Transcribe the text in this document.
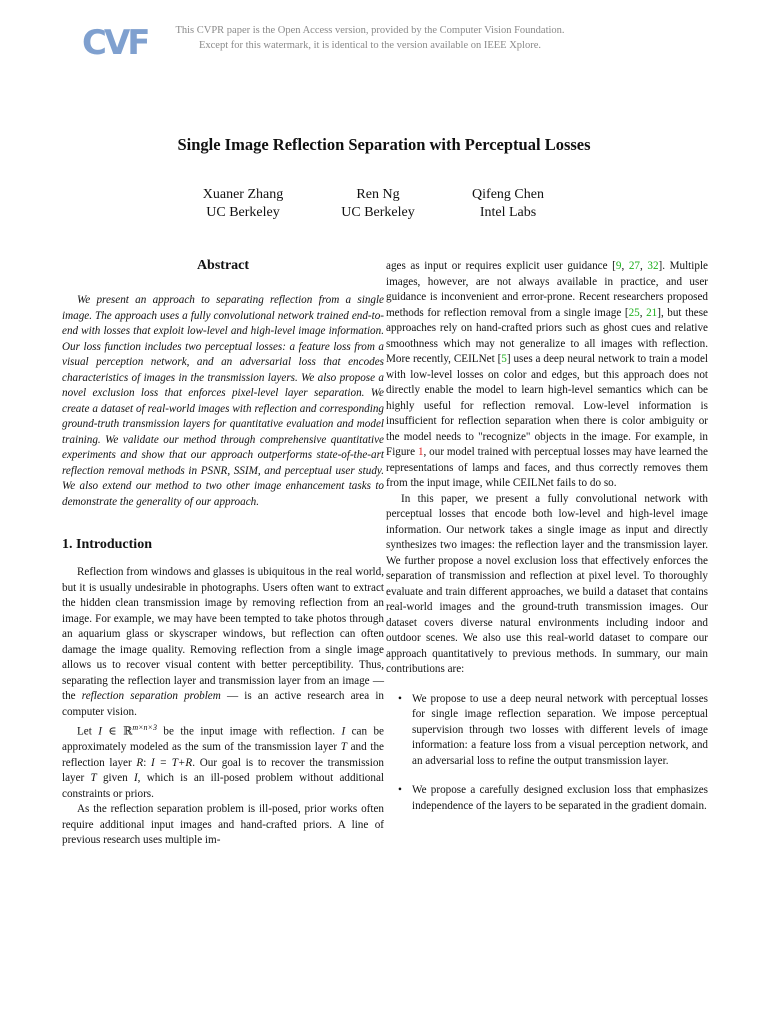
CVF	This CVPR paper is the Open Access version, provided by the Computer Vision Foundation.
Except for this watermark, it is identical to the version available on IEEE Xplore.
Single Image Reflection Separation with Perceptual Losses
Xuaner Zhang
UC Berkeley
Ren Ng
UC Berkeley
Qifeng Chen
Intel Labs
Abstract

We present an approach to separating reflection from a single image. The approach uses a fully convolutional network trained end-to-end with losses that exploit low-level and high-level image information. Our loss function includes two perceptual losses: a feature loss from a visual perception network, and an adversarial loss that encodes characteristics of images in the transmission layers. We also propose a novel exclusion loss that enforces pixel-level layer separation. We create a dataset of real-world images with reflection and corresponding ground-truth transmission layers for quantitative evaluation and model training. We validate our method through comprehensive quantitative experiments and show that our approach outperforms state-of-the-art reflection removal methods in PSNR, SSIM, and perceptual user study. We also extend our method to two other image enhancement tasks to demonstrate the generality of our approach.

1. Introduction

Reflection from windows and glasses is ubiquitous in the real world, but it is usually undesirable in photographs. Users often want to extract the hidden clean transmission image by removing reflection from an image. For example, we may have been tempted to take photos through an aquarium glass or skyscraper windows, but reflection can often damage the image quality. Removing reflection from a single image allows us to recover visual content with better perceptibility. Thus, separating the reflection layer and transmission layer from an image — the reflection separation problem — is an active research area in computer vision.

Let I ∈ ℝ$^{m\times n\times 3}$ be the input image with reflection. I can be approximately modeled as the sum of the transmission layer T and the reflection layer R: I = T+R. Our goal is to recover the transmission layer T given I, which is an ill-posed problem without additional constraints or priors.

As the reflection separation problem is ill-posed, prior works often require additional input images and hand-crafted priors. A line of previous research uses multiple im-

ages as input or requires explicit user guidance [9, 27, 32]. Multiple images, however, are not always available in practice, and user guidance is inconvenient and error-prone. Recent researchers proposed methods for reflection removal from a single image [25, 21], but these approaches rely on hand-crafted priors such as ghost cues and relative smoothness which may not generalize to all images with reflection. More recently, CEILNet [5] uses a deep neural network to train a model with low-level losses on color and edges, but this approach does not directly enable the model to learn high-level semantics which can be highly useful for reflection removal. Low-level information is insufficient for reflection separation when there is color ambiguity or the model needs to "recognize" objects in the image. For example, in Figure 1, our model trained with perceptual losses may have learned the representations of lamps and faces, and thus correctly removes them from the input image, while CEILNet fails to do so.

In this paper, we present a fully convolutional network with perceptual losses that encode both low-level and high-level image information. Our network takes a single image as input and directly synthesizes two images: the reflection layer and the transmission layer. We further propose a novel exclusion loss that effectively enforces the separation of transmission and reflection at pixel level. To thoroughly evaluate and train different approaches, we build a dataset that contains real-world images and the ground-truth transmission images. Our dataset covers diverse natural environments including indoor and outdoor scenes. We also use this real-world dataset to compare our approach quantitatively to previous methods. In summary, our main contributions are:

• We propose to use a deep neural network with perceptual losses for single image reflection separation. We impose perceptual supervision through two losses with different levels of image information: a feature loss from a visual perception network, and an adversarial loss to refine the output transmission layer.
• We propose a carefully designed exclusion loss that emphasizes independence of the layers to be separated in the gradient domain.
